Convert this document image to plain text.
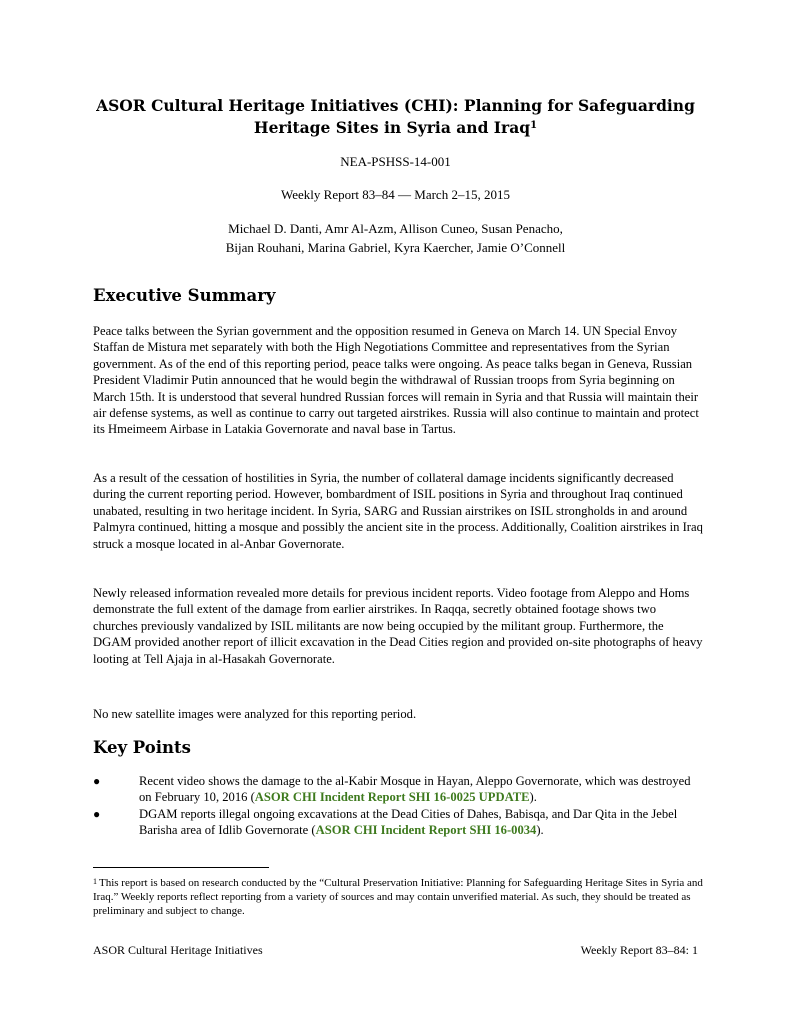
ASOR Cultural Heritage Initiatives (CHI): Planning for Safeguarding
Heritage Sites in Syria and Iraq$^1$
NEA-PSHSS-14-001
Weekly Report 83–84 — March 2–15, 2015
Michael D. Danti, Amr Al-Azm, Allison Cuneo, Susan Penacho,
Bijan Rouhani, Marina Gabriel, Kyra Kaercher, Jamie O’Connell
Executive Summary

Peace talks between the Syrian government and the opposition resumed in Geneva on March 14. UN Special Envoy Staffan de Mistura met separately with both the High Negotiations Committee and representatives from the Syrian government. As of the end of this reporting period, peace talks were ongoing. As peace talks began in Geneva, Russian President Vladimir Putin announced that he would begin the withdrawal of Russian troops from Syria beginning on March 15th. It is understood that several hundred Russian forces will remain in Syria and that Russia will maintain their air defense systems, as well as continue to carry out targeted airstrikes. Russia will also continue to maintain and protect its Hmeimeem Airbase in Latakia Governorate and naval base in Tartus.

As a result of the cessation of hostilities in Syria, the number of collateral damage incidents significantly decreased during the current reporting period. However, bombardment of ISIL positions in Syria and throughout Iraq continued unabated, resulting in two heritage incident. In Syria, SARG and Russian airstrikes on ISIL strongholds in and around Palmyra continued, hitting a mosque and possibly the ancient site in the process. Additionally, Coalition airstrikes in Iraq struck a mosque located in al-Anbar Governorate.

Newly released information revealed more details for previous incident reports. Video footage from Aleppo and Homs demonstrate the full extent of the damage from earlier airstrikes. In Raqqa, secretly obtained footage shows two churches previously vandalized by ISIL militants are now being occupied by the militant group. Furthermore, the DGAM provided another report of illicit excavation in the Dead Cities region and provided on-site photographs of heavy looting at Tell Ajaja in al-Hasakah Governorate.

No new satellite images were analyzed for this reporting period.

Key Points
●	Recent video shows the damage to the al-Kabir Mosque in Hayan, Aleppo Governorate, which was destroyed on February 10, 2016 (ASOR CHI Incident Report SHI 16-0025 UPDATE).
●	DGAM reports illegal ongoing excavations at the Dead Cities of Dahes, Babisqa, and Dar Qita in the Jebel Barisha area of Idlib Governorate (ASOR CHI Incident Report SHI 16-0034).

$^1$ This report is based on research conducted by the “Cultural Preservation Initiative: Planning for Safeguarding Heritage Sites in Syria and Iraq.” Weekly reports reflect reporting from a variety of sources and may contain unverified material. As such, they should be treated as preliminary and subject to change.

ASOR Cultural Heritage Initiatives	Weekly Report 83–84: 1
